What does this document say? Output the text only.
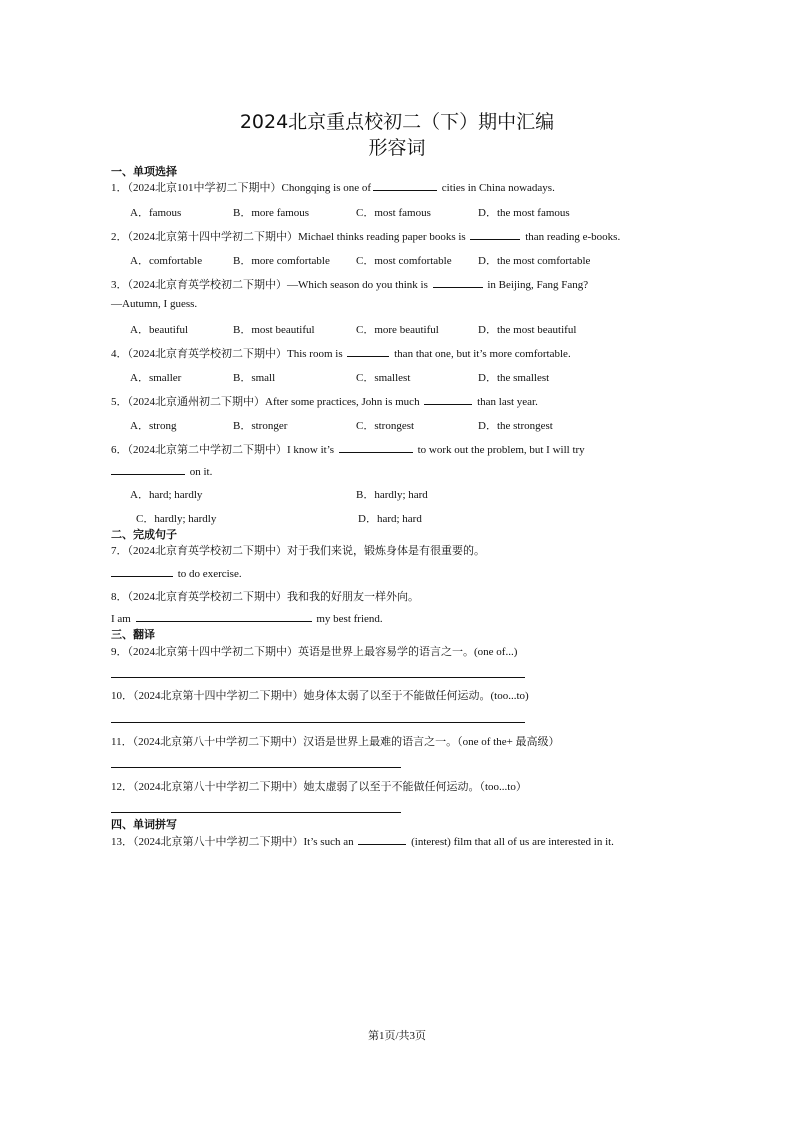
2024北京重点校初二（下）期中汇编
形容词
一、单项选择
1．（2024北京101中学初二下期中）Chongqing is one of	cities in China nowadays.
A．famous	B．more famous	C．most famous	D．the most famous
2．（2024北京第十四中学初二下期中）Michael thinks reading paper books is	than reading e-books.
A．comfortable	B．more comfortable C．most comfortable D．the most comfortable
3．（2024北京育英学校初二下期中）—Which season do you think is	in Beijing, Fang Fang?
—Autumn, I guess.
A．beautiful	B．most beautiful	C．more beautiful	D．the most beautiful
4．（2024北京育英学校初二下期中）This room is	than that one, but it’s more comfortable.
A．smaller	B．small	C．smallest	D．the smallest
5．（2024北京通州初二下期中）After some practices, John is much	than last year.
A．strong	B．stronger	C．strongest	D．the strongest
6．（2024北京第二中学初二下期中）I know it’s	to work out the problem, but I will try
on it.
A．hard; hardly	B．hardly; hard
C．hardly; hardly	D．hard; hard
二、完成句子
7．（2024北京育英学校初二下期中）对于我们来说，锻炼身体是有很重要的。
to do exercise.
8．（2024北京育英学校初二下期中）我和我的好朋友一样外向。
I am	my best friend.
三、翻译
9．（2024北京第十四中学初二下期中）英语是世界上最容易学的语言之一。(one of...)
10．（2024北京第十四中学初二下期中）她身体太弱了以至于不能做任何运动。(too...to)
11．（2024北京第八十中学初二下期中）汉语是世界上最难的语言之一。（one of the+ 最高级）
12．（2024北京第八十中学初二下期中）她太虚弱了以至于不能做任何运动。（too...to）
四、单词拼写
13．（2024北京第八十中学初二下期中）It’s such an	(interest) film that all of us are interested in it.
第1页/共3页
